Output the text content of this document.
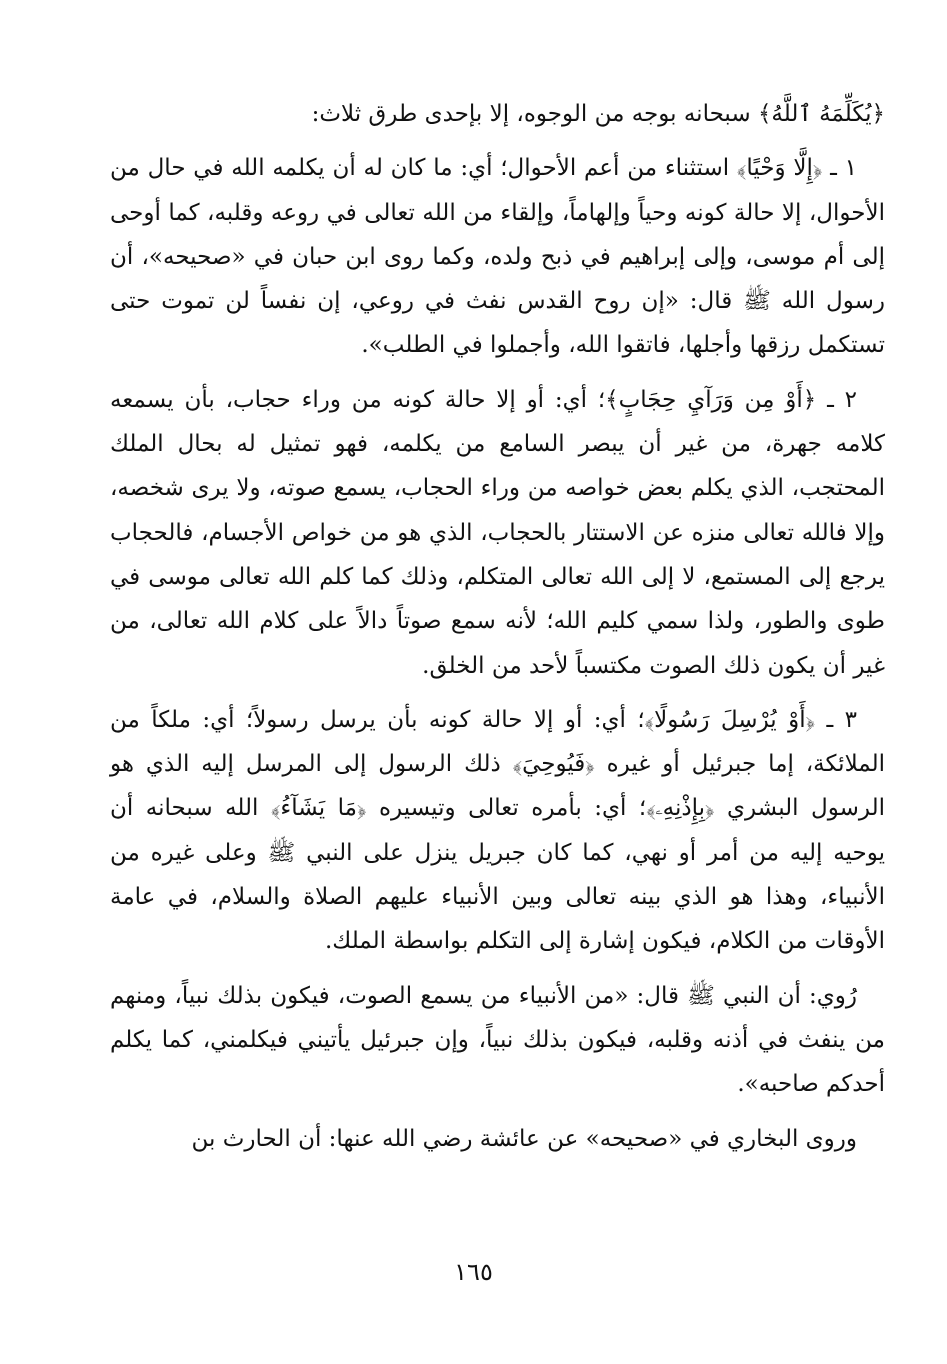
﴿يُكَلِّمَهُ ٱللَّهُ﴾ سبحانه بوجه من الوجوه، إلا بإحدى طرق ثلاث:

١ ـ ﴿إِلَّا وَحْيًا﴾ استثناء من أعم الأحوال؛ أي: ما كان له أن يكلمه الله في حال من الأحوال، إلا حالة كونه وحياً وإلهاماً، وإلقاء من الله تعالى في روعه وقلبه، كما أوحى إلى أم موسى، وإلى إبراهيم في ذبح ولده، وكما روى ابن حبان في «صحيحه»، أن رسول الله ﷺ قال: «إن روح القدس نفث في روعي، إن نفساً لن تموت حتى تستكمل رزقها وأجلها، فاتقوا الله، وأجملوا في الطلب».

٢ ـ ﴿أَوْ مِن وَرَآيِ حِجَابٍ﴾؛ أي: أو إلا حالة كونه من وراء حجاب، بأن يسمعه كلامه جهرة، من غير أن يبصر السامع من يكلمه، فهو تمثيل له بحال الملك المحتجب، الذي يكلم بعض خواصه من وراء الحجاب، يسمع صوته، ولا يرى شخصه، وإلا فالله تعالى منزه عن الاستتار بالحجاب، الذي هو من خواص الأجسام، فالحجاب يرجع إلى المستمع، لا إلى الله تعالى المتكلم، وذلك كما كلم الله تعالى موسى في طوى والطور، ولذا سمي كليم الله؛ لأنه سمع صوتاً دالاً على كلام الله تعالى، من غير أن يكون ذلك الصوت مكتسباً لأحد من الخلق.

٣ ـ ﴿أَوْ يُرْسِلَ رَسُولًا﴾؛ أي: أو إلا حالة كونه بأن يرسل رسولاً؛ أي: ملكاً من الملائكة، إما جبرئيل أو غيره ﴿فَيُوحِيَ﴾ ذلك الرسول إلى المرسل إليه الذي هو الرسول البشري ﴿بِإِذْنِهِۦ﴾؛ أي: بأمره تعالى وتيسيره ﴿مَا يَشَآءُ﴾ الله سبحانه أن يوحيه إليه من أمر أو نهي، كما كان جبريل ينزل على النبي ﷺ وعلى غيره من الأنبياء، وهذا هو الذي بينه تعالى وبين الأنبياء عليهم الصلاة والسلام، في عامة الأوقات من الكلام، فيكون إشارة إلى التكلم بواسطة الملك.

رُوي: أن النبي ﷺ قال: «من الأنبياء من يسمع الصوت، فيكون بذلك نبياً، ومنهم من ينفث في أذنه وقلبه، فيكون بذلك نبياً، وإن جبرئيل يأتيني فيكلمني، كما يكلم أحدكم صاحبه».

وروى البخاري في «صحيحه» عن عائشة رضي الله عنها: أن الحارث بن

١٦٥
